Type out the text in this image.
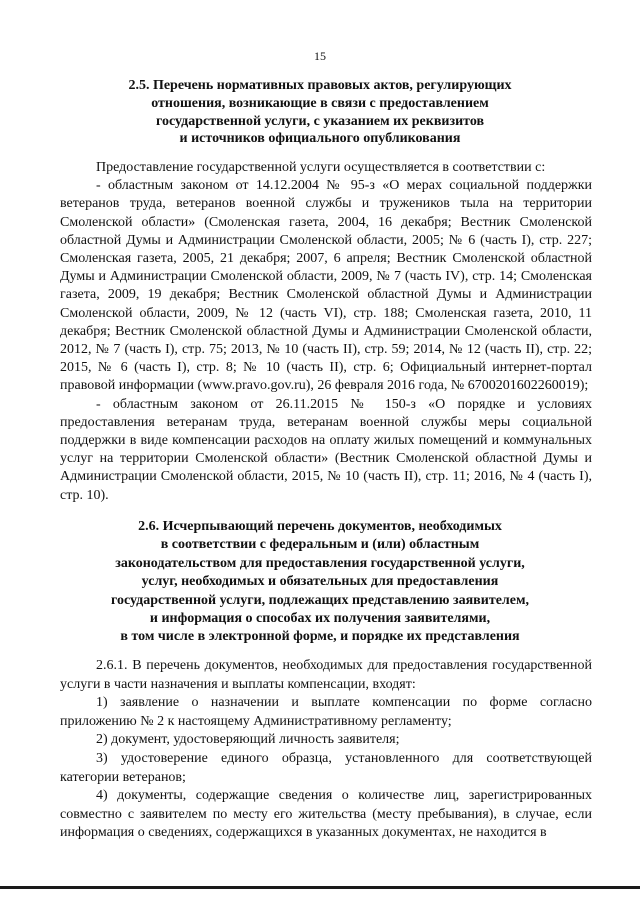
15
2.5. Перечень нормативных правовых актов, регулирующих
отношения, возникающие в связи с предоставлением
государственной услуги, с указанием их реквизитов
и источников официального опубликования

Предоставление государственной услуги осуществляется в соответствии с:

- областным законом от 14.12.2004 № 95-з «О мерах социальной поддержки ветеранов труда, ветеранов военной службы и тружеников тыла на территории Смоленской области» (Смоленская газета, 2004, 16 декабря; Вестник Смоленской областной Думы и Администрации Смоленской области, 2005; № 6 (часть I), стр. 227; Смоленская газета, 2005, 21 декабря; 2007, 6 апреля; Вестник Смоленской областной Думы и Администрации Смоленской области, 2009, № 7 (часть IV), стр. 14; Смоленская газета, 2009, 19 декабря; Вестник Смоленской областной Думы и Администрации Смоленской области, 2009, № 12 (часть VI), стр. 188; Смоленская газета, 2010, 11 декабря; Вестник Смоленской областной Думы и Администрации Смоленской области, 2012, № 7 (часть I), стр. 75; 2013, № 10 (часть II), стр. 59; 2014, № 12 (часть II), стр. 22; 2015, № 6 (часть I), стр. 8; № 10 (часть II), стр. 6; Официальный интернет-портал правовой информации (www.pravo.gov.ru), 26 февраля 2016 года, № 6700201602260019);

- областным законом от 26.11.2015 № 150-з «О порядке и условиях предоставления ветеранам труда, ветеранам военной службы меры социальной поддержки в виде компенсации расходов на оплату жилых помещений и коммунальных услуг на территории Смоленской области» (Вестник Смоленской областной Думы и Администрации Смоленской области, 2015, № 10 (часть II), стр. 11; 2016, № 4 (часть I), стр. 10).

2.6. Исчерпывающий перечень документов, необходимых
в соответствии с федеральным и (или) областным
законодательством для предоставления государственной услуги,
услуг, необходимых и обязательных для предоставления
государственной услуги, подлежащих представлению заявителем,
и информация о способах их получения заявителями,
в том числе в электронной форме, и порядке их представления

2.6.1. В перечень документов, необходимых для предоставления государственной услуги в части назначения и выплаты компенсации, входят:

1) заявление о назначении и выплате компенсации по форме согласно приложению № 2 к настоящему Административному регламенту;

2) документ, удостоверяющий личность заявителя;

3) удостоверение единого образца, установленного для соответствующей категории ветеранов;

4) документы, содержащие сведения о количестве лиц, зарегистрированных совместно с заявителем по месту его жительства (месту пребывания), в случае, если информация о сведениях, содержащихся в указанных документах, не находится в
